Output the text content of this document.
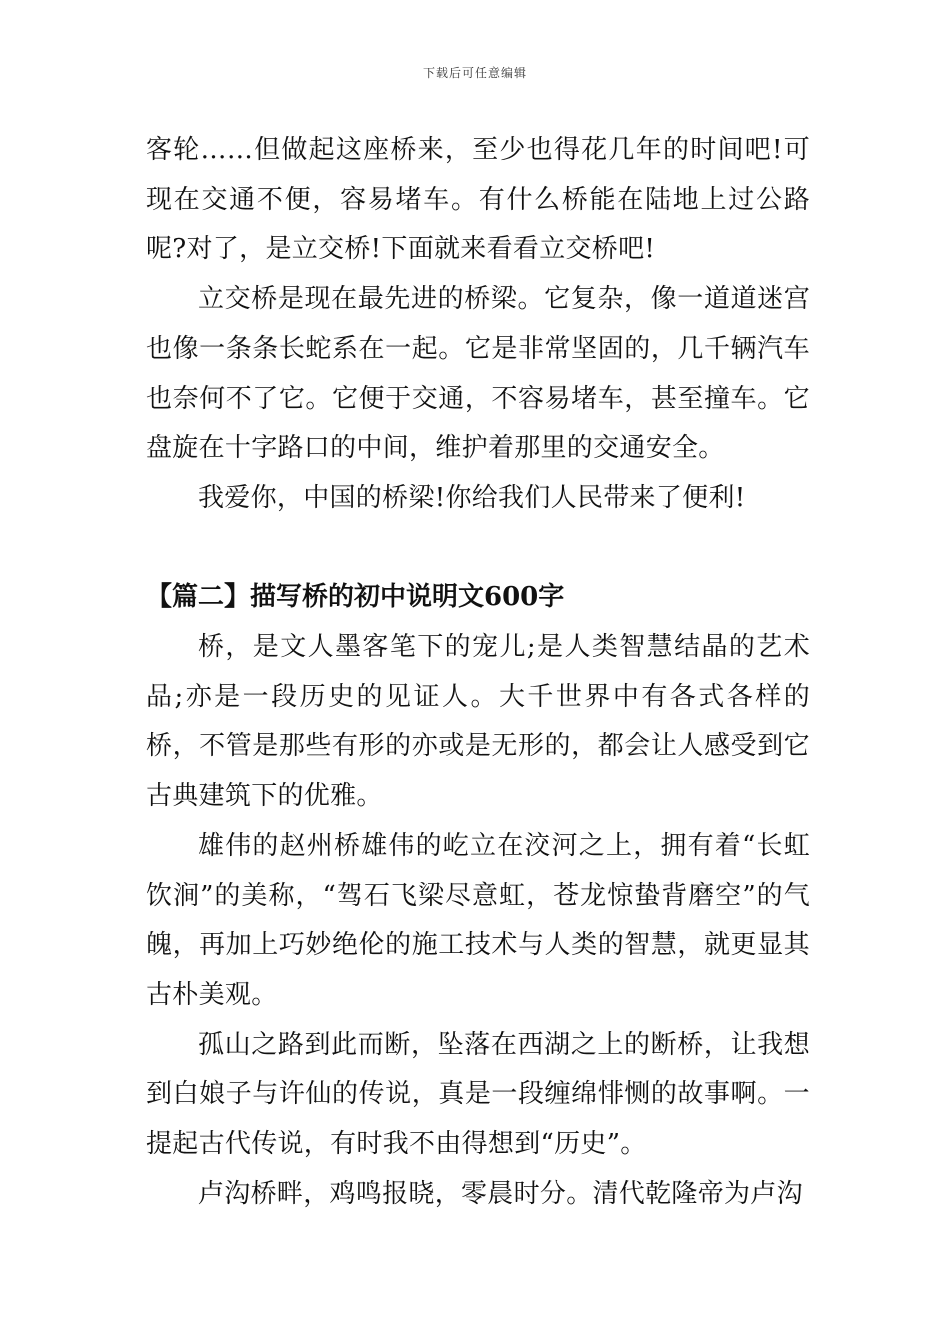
下载后可任意编辑

客轮……但做起这座桥来，至少也得花几年的时间吧!可现在交通不便，容易堵车。有什么桥能在陆地上过公路呢?对了，是立交桥!下面就来看看立交桥吧!

立交桥是现在最先进的桥梁。它复杂，像一道道迷宫也像一条条长蛇系在一起。它是非常坚固的，几千辆汽车也奈何不了它。它便于交通，不容易堵车，甚至撞车。它盘旋在十字路口的中间，维护着那里的交通安全。

我爱你，中国的桥梁!你给我们人民带来了便利!

【篇二】描写桥的初中说明文600字

桥，是文人墨客笔下的宠儿;是人类智慧结晶的艺术品;亦是一段历史的见证人。大千世界中有各式各样的桥，不管是那些有形的亦或是无形的，都会让人感受到它古典建筑下的优雅。

雄伟的赵州桥雄伟的屹立在洨河之上，拥有着“长虹饮涧”的美称，“驾石飞梁尽意虹，苍龙惊蛰背磨空”的气魄，再加上巧妙绝伦的施工技术与人类的智慧，就更显其古朴美观。

孤山之路到此而断，坠落在西湖之上的断桥，让我想到白娘子与许仙的传说，真是一段缠绵悱恻的故事啊。一提起古代传说，有时我不由得想到“历史”。

卢沟桥畔，鸡鸣报晓，零晨时分。清代乾隆帝为卢沟
